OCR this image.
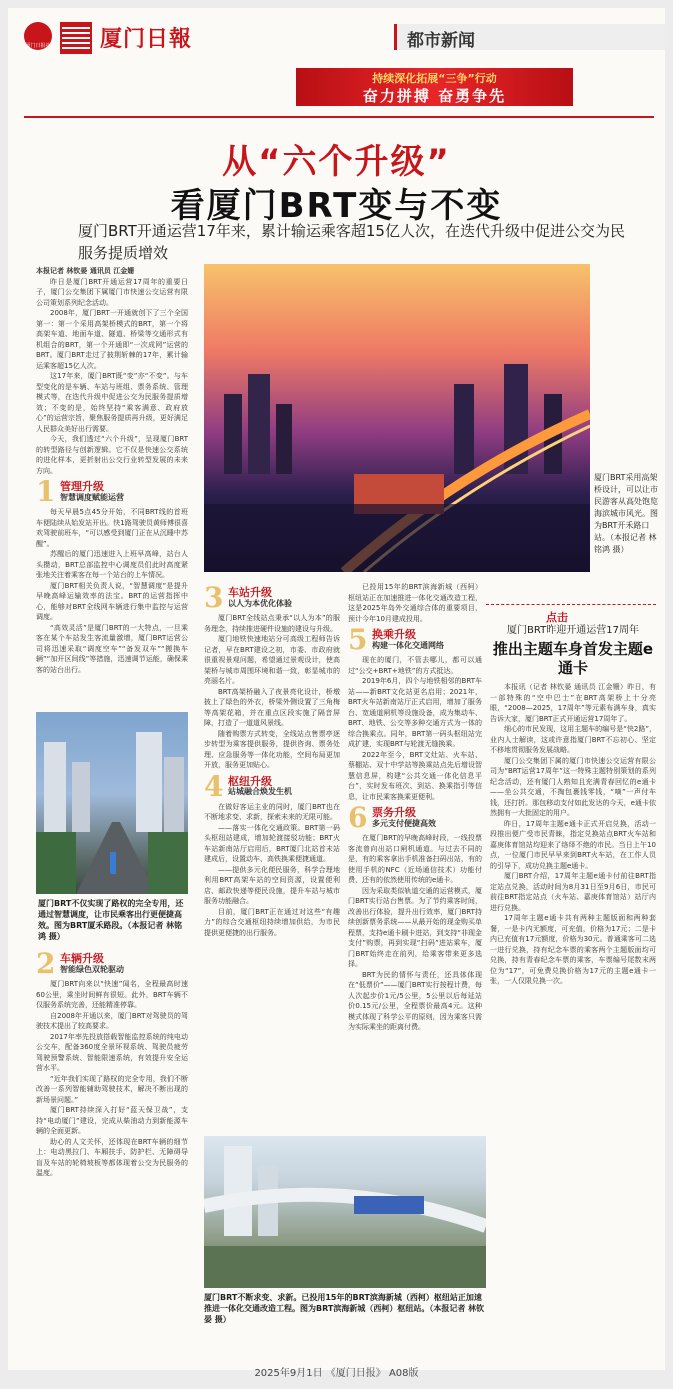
厦门日报社 厦门日報	都市新闻
持续深化拓展“三争”行动
奋力拼搏 奋勇争先
从“六个升级”
看厦门BRT变与不变
厦门BRT开通运营17年来，累计输运乘客超15亿人次，在迭代升级中促进公交为民服务提质增效

本报记者 林钦晏 通讯员 江金姗

昨日是厦门BRT开通运营17周年的重要日子，厦门公交集团下属厦门市快速公交运营有限公司策划系列纪念活动。

2008年，厦门BRT一开通就创下了三个全国第一：第一个采用高架桥模式的BRT，第一个将高架车道、地面车道、隧道、桥梁等交通形式有机组合的BRT，第一个开通即“一次成网”运营的BRT。厦门BRT走过了披荆斩棘的17年，累计输运乘客超15亿人次。

这17年来，厦门BRT既“变”亦“不变”。与车型变化的是车辆、车站与班组、票务系统、管理模式等，在迭代升级中促进公交为民服务提质增效；不变的是，始终坚持“乘客满意、政府放心”的运营宗旨，聚焦服务提质再升级，更好满足人民群众美好出行需要。

今天，我们透过“六个升级”，呈现厦门BRT的转型路径与创新逻辑。它不仅是快速公交系统的进化样本，更折射出公交行业转型发展的未来方向。

1 管理升级
智慧调度赋能运营

每天早晨5点45分开始，不同BRT线的首班车便陆续从始发站开出。快1路驾驶员黄师傅很喜欢驾驶前班车，“可以感受到厦门正在从沉睡中苏醒”。

苏醒后的厦门迅速进入上班早高峰，站台人头攒动，BRT总部监控中心调度员们此时高度紧张地关注着乘客在每一个站台的上车情况。

厦门BRT相关负责人说，“智慧调度”是提升早晚高峰运输效率的法宝。BRT的运营指挥中心，能够对BRT全线网车辆进行集中监控与运营调度。

“高效灵活”是厦门BRT的一大特点，一旦乘客在某个车站发生客流量激增，厦门BRT运营公司将迅速采取“调度空车”“备发双车”“搬换车辆”“加开区间线”等措施，迅速调节运能，确保乘客的站台出行。

厦门BRT不仅实现了路权的完全专用，还通过智慧调度，让市民乘客出行更便捷高效。图为BRT厦禾路段。（本报记者 林铭鸿 摄）
2 车辆升级
智能绿色双轮驱动

厦门BRT向来以“快速”闻名，全程最高时速60公里，乘坐时间鲜有很短。此外，BRT车辆不仅服务系统完善，还能精准停靠。

自2008年开通以来，厦门BRT对驾驶员的驾驶技术提出了较高要求。

2017年率先投放搭载智能监控系统的纯电动公交车，配备360度全景环视系统、驾驶员疲劳驾驶预警系统、智能限速系统，有效提升安全运营水平。

“近年我们实现了路权的完全专用，我们不断改善一系列智能辅助驾驶技术，解决不断出现的新场景问题。”

厦门BRT持续深入打好“蓝天保卫战”，支持“电动厦门”建设，完成从柴油动力到新能源车辆的全面更新。

助心的人文关怀，还体现在BRT车辆的细节上：电动黑拉门、车厢扶手、防护栏、无障碍导盲及车站的轮椅坡板等都体现着公交为民服务的温度。

厦门BRT采用高架桥设计，可以让市民游客从高处饱览海滨城市风光。图为BRT开禾路口站。（本报记者 林铭鸿 摄）
3 车站升级
以人为本优化体验

厦门BRT全线站点秉承“以人为本”的服务理念，持续推进硬件设施的建设与升级。

厦门地铁快速地站分可高级工程师告诉记者，早在BRT建设之初，市委、市政府就很重视景观问题，希望通过景观设计，使高架桥与城市周围环境和谐一致，彰显城市的亮丽名片。

BRT高架桥融入了夜景亮化设计，桥墩披上了绿色的外衣，桥梁外侧设置了三角梅等高架花箱，并在重点区段实施了隔音屏障，打造了一道道风景线。

随着购票方式转变，全线站点售票亭逐步转型为乘客提供服务，提供咨询、票务处理、应急服务等一体化功能，空间布局更加开放，服务更加贴心。

4 枢纽升级
站城融合焕发生机

在做好客运主业的同时，厦门BRT也在不断地求变、求新，探索未来的无限可能。

——落实一体化交通政策。BRT第一码头枢纽站建成，增加轮渡接驳功能；BRT火车站新南站厅启用后，BRT厦门北站首末站建成后，设置动车、高铁换乘便捷通道。

——提供多元化便民服务，科学合理地利用BRT高架车站的空间资源，设置便利店、邮政快递等便民设施，提升车站与城市服务功能融合。

目前，厦门BRT正在通过对这些“有趣力”的综合交通枢纽持续增加供给，为市民提供更便捷的出行服务。

已投用15年的BRT滨海新城（西柯）枢纽站正在加速推进一体化交通改造工程，这是2025年岛外交通综合体的重要项目，预计今年10月建成投用。

5 换乘升级
构建一体化交通网络

现在的厦门，不管去哪儿，都可以通过“公交+BRT+地铁”的方式抵达。

2019年6月，四个与地铁相邻的BRT车站——新BRT文化站更名启用；2021年，BRT火车站新南站厅正式启用，增加了服务台、宽通道闸机等设施设备，成为集动车、BRT、地铁、公交等多种交通方式为一体的综合换乘点。同年，BRT第一码头枢纽站完成扩建，实现BRT与轮渡无缝换乘。

2022年至今，BRT文灶站、火车站、蔡棚站、双十中学站等换乘站点先后增设智慧信息屏，构建“公共交通一体化信息平台”，实时发布班次、到站、换乘指引等信息，让市民乘客换乘更便利。

6 票务升级
多元支付便捷高效

在厦门BRT的早晚高峰时段，一线投票客流曾向出站口闸机通道。与过去不同的是，有的乘客拿出手机准备扫码出站，有的使用手机的NFC（近场通信技术）功能付费，还有的依然使用传统的e通卡。

因为采取类似轨道交通的运营模式，厦门BRT实行站台售票。为了节约乘客时间，改善出行体验，提升出行效率，厦门BRT持续创新票务系统——从最开始的现金购买单程票，支持e通卡刷卡进站，到支持“非现金支付”购票，再到实现“扫码”进站乘车，厦门BRT始终走在前列，给乘客带来更多选择。

BRT为民的情怀与责任，还具体体现在“低票价”——厦门BRT实行按程计费，每人次起步价1元/5公里，5公里以后每延站价0.15元/公里，全程票价最高4元。这种模式体现了科学公平的原则，因为乘客只需为实际乘坐的距离付费。

厦门BRT不断求变、求新。已投用15年的BRT滨海新城（西柯）枢纽站正加速推进一体化交通改造工程。图为BRT滨海新城（西柯）枢纽站。（本报记者 林钦晏 摄）
点击
厦门BRT昨迎开通运营17周年
推出主题车身首发主题e通卡

本报讯（记者 林钦晏 通讯员 江金姗）昨日，有一部特殊的“空中巴士”在BRT高架桥上十分亮眼，“2008—2025，17周年”等元素布满车身，真实告诉大家，厦门BRT正式开通运营17周年了。

细心的市民发现，这用主题车的编号是“快2路”，业内人士解读，这或许意指厦门BRT不忘初心、坚定不移地贯彻服务发展战略。

厦门公交集团下属的厦门市快速公交运营有限公司为“BRT运营17周年”这一特殊主题特别策划的系列纪念活动，还有厦门人熟知且充满青春回忆的e通卡——坐公共交通，不掏包裹钱零钱，“嘀”一声付车钱，还打折。那包移动支付如此发达的今天，e通卡依然拥有一大批固定的用户。

昨日，17周年主题e通卡正式开启兑换，活动一段推出便广受市民青睐，指定兑换站点BRT火车站和嘉庚体育馆站均迎来了络绎不绝的市民。当日上午10点，一位厦门市民早早来到BRT火车站，在工作人员的引导下，成功兑换主题e通卡。

厦门BRT介绍，17周年主题e通卡付前往BRT指定站点兑换，活动时间为8月31日至9月6日，市民可前往BRT指定站点（火车站、嘉庚体育馆站）站厅内进行兑换。

17周年主题e通卡共有两种主题版面和两种套餐，一是卡内无额度，可充值，价格为17元；二是卡内已充值有17元额度，价格为30元。普通乘客可二选一进行兑换，持有纪念车票的乘客两个主题版面均可兑换，持有青春纪念车票的乘客，车票编号尾数末两位为“17”，可免费兑换价格为17元的主题e通卡一张，一人仅限兑换一次。

2025年9月1日 《厦门日报》 A08版
